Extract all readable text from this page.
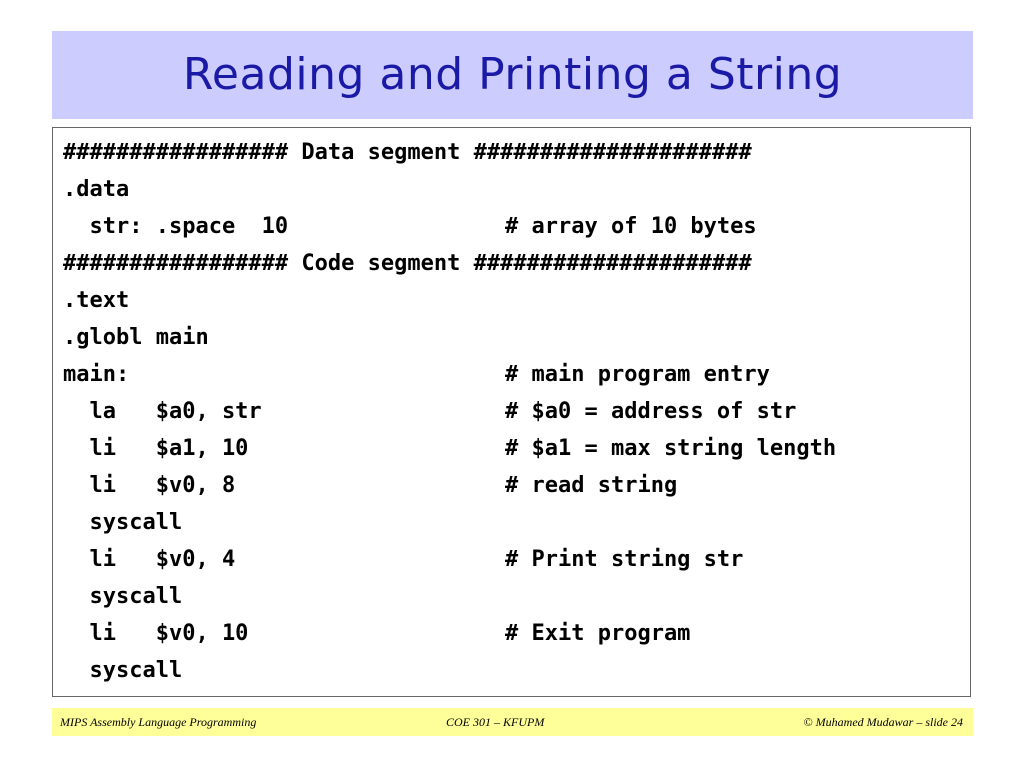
Reading and Printing a String

################# Data segment #####################

.data

str: .space  10

	# array of 10 bytes

################# Code segment #####################

.text

.globl main

main:

	# main program entry

la   $a0, str

	# $a0 = address of str

li   $a1, 10

	# $a1 = max string length

li   $v0, 8

	# read string

syscall

li   $v0, 4

	# Print string str

syscall

li   $v0, 10

	# Exit program

syscall

MIPS Assembly Language Programming	COE 301 – KFUPM	© Muhamed Mudawar – slide 24
